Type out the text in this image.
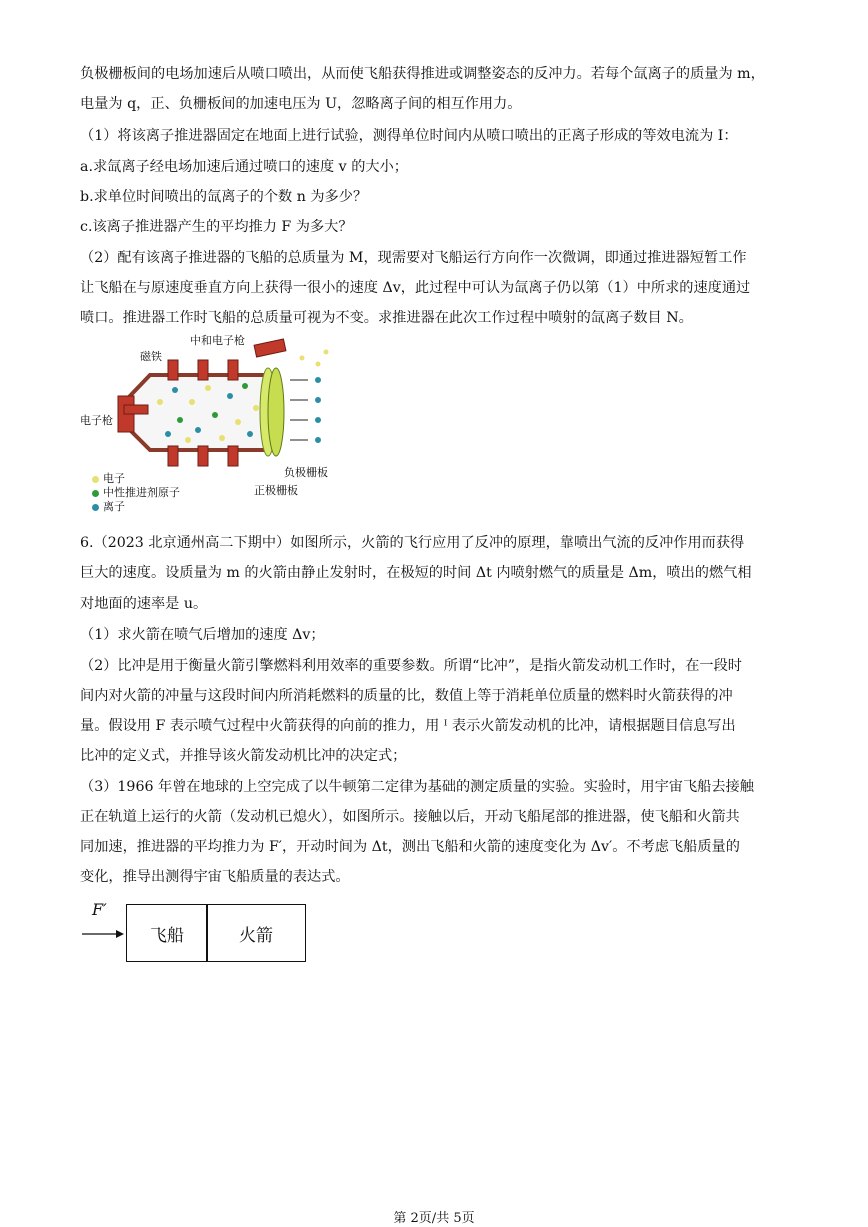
负极栅板间的电场加速后从喷口喷出，从而使飞船获得推进或调整姿态的反冲力。若每个氙离子的质量为 m，
电量为 q，正、负栅板间的加速电压为 U，忽略离子间的相互作用力。
（1）将该离子推进器固定在地面上进行试验，测得单位时间内从喷口喷出的正离子形成的等效电流为 I：
a.求氙离子经电场加速后通过喷口的速度 v 的大小；
b.求单位时间喷出的氙离子的个数 n 为多少？
c.该离子推进器产生的平均推力 F 为多大？
（2）配有该离子推进器的飞船的总质量为 M，现需要对飞船运行方向作一次微调，即通过推进器短暂工作
让飞船在与原速度垂直方向上获得一很小的速度 Δv，此过程中可认为氙离子仍以第（1）中所求的速度通过
喷口。推进器工作时飞船的总质量可视为不变。求推进器在此次工作过程中喷射的氙离子数目 N。
中和电子枪
磁铁
电子枪
负极栅板
正极栅板
电子
中性推进剂原子
离子
6.（2023 北京通州高二下期中）如图所示，火箭的飞行应用了反冲的原理，靠喷出气流的反冲作用而获得
巨大的速度。设质量为 m 的火箭由静止发射时，在极短的时间 Δt 内喷射燃气的质量是 Δm，喷出的燃气相
对地面的速率是 u。
（1）求火箭在喷气后增加的速度 Δv；
（2）比冲是用于衡量火箭引擎燃料利用效率的重要参数。所谓“比冲”，是指火箭发动机工作时，在一段时
间内对火箭的冲量与这段时间内所消耗燃料的质量的比，数值上等于消耗单位质量的燃料时火箭获得的冲
量。假设用 F 表示喷气过程中火箭获得的向前的推力，用 ᴵ 表示火箭发动机的比冲，请根据题目信息写出
比冲的定义式，并推导该火箭发动机比冲的决定式；
（3）1966 年曾在地球的上空完成了以牛顿第二定律为基础的测定质量的实验。实验时，用宇宙飞船去接触
正在轨道上运行的火箭（发动机已熄火），如图所示。接触以后，开动飞船尾部的推进器，使飞船和火箭共
同加速，推进器的平均推力为 F′，开动时间为 Δt，测出飞船和火箭的速度变化为 Δv′。不考虑飞船质量的
变化，推导出测得宇宙飞船质量的表达式。
F′
飞船	火箭
第 2页/共 5页
